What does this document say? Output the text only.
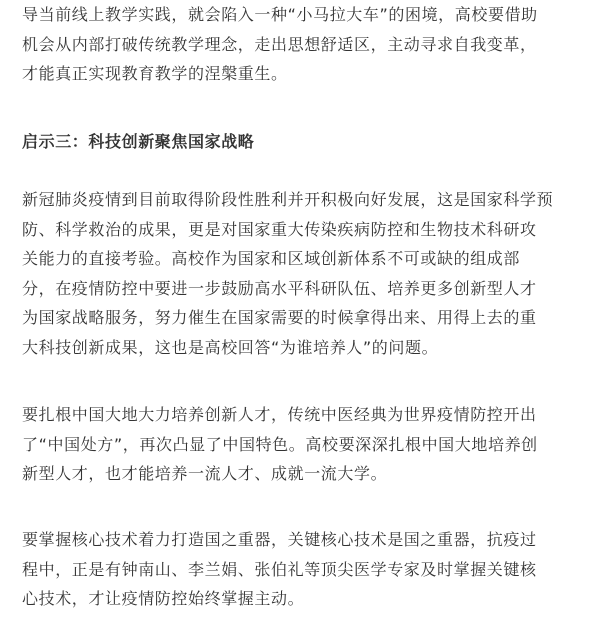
导当前线上教学实践，就会陷入一种“小马拉大车”的困境，高校要借助
机会从内部打破传统教学理念，走出思想舒适区，主动寻求自我变革，
才能真正实现教育教学的涅槃重生。

启示三：科技创新聚焦国家战略

新冠肺炎疫情到目前取得阶段性胜利并开积极向好发展，这是国家科学预
防、科学救治的成果，更是对国家重大传染疾病防控和生物技术科研攻
关能力的直接考验。高校作为国家和区域创新体系不可或缺的组成部
分，在疫情防控中要进一步鼓励高水平科研队伍、培养更多创新型人才
为国家战略服务，努力催生在国家需要的时候拿得出来、用得上去的重
大科技创新成果，这也是高校回答“为谁培养人”的问题。

要扎根中国大地大力培养创新人才，传统中医经典为世界疫情防控开出
了“中国处方”，再次凸显了中国特色。高校要深深扎根中国大地培养创
新型人才，也才能培养一流人才、成就一流大学。

要掌握核心技术着力打造国之重器，关键核心技术是国之重器，抗疫过
程中，正是有钟南山、李兰娟、张伯礼等顶尖医学专家及时掌握关键核
心技术，才让疫情防控始终掌握主动。
